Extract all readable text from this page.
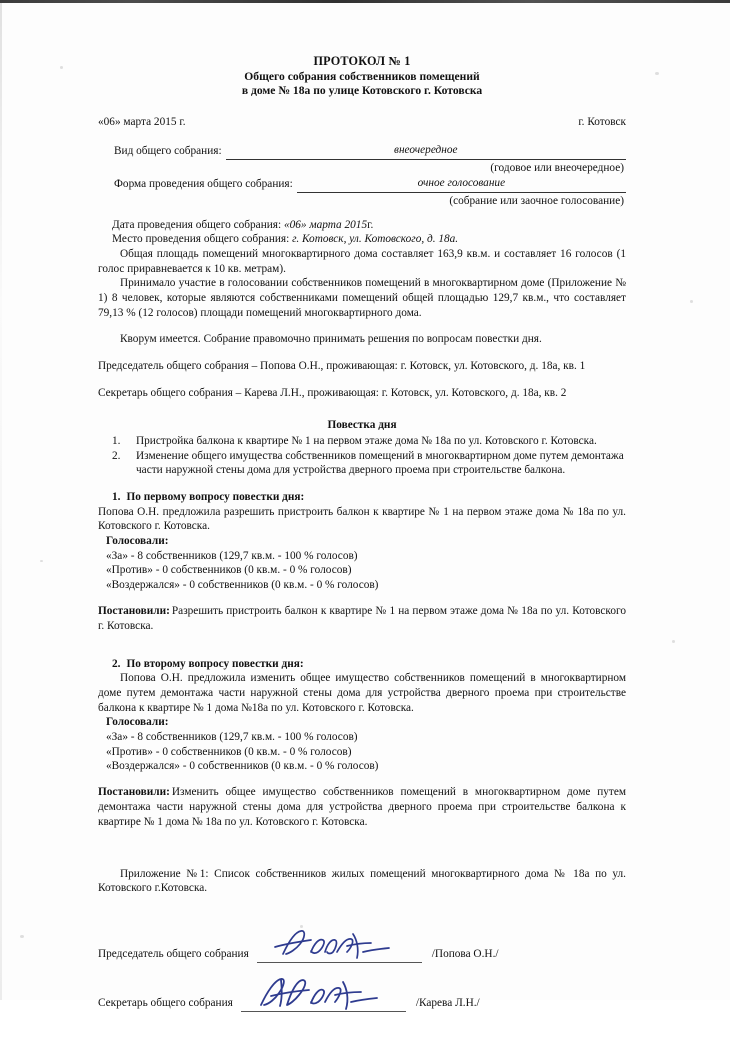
ПРОТОКОЛ № 1
Общего собрания собственников помещений
в доме № 18а по улице Котовского г. Котовска
«06» марта 2015 г.	г. Котовск
Вид общего собрания:	внеочередное
(годовое или внеочередное)
Форма проведения общего собрания:	очное голосование
(собрание или заочное голосование)
Дата проведения общего собрания: «06» марта 2015г.
Место проведения общего собрания: г. Котовск, ул. Котовского, д. 18а.

Общая площадь помещений многоквартирного дома составляет 163,9 кв.м. и составляет 16 голосов (1 голос приравневается к 10 кв. метрам).

Принимало участие в голосовании собственников помещений в многоквартирном доме (Приложение № 1) 8 человек, которые являются собственниками помещений общей площадью 129,7 кв.м., что составляет 79,13 % (12 голосов) площади помещений многоквартирного дома.

Кворум имеется. Собрание правомочно принимать решения по вопросам повестки дня.

Председатель общего собрания – Попова О.Н., проживающая: г. Котовск, ул. Котовского, д. 18а, кв. 1

Секретарь общего собрания – Карева Л.Н., проживающая: г. Котовск, ул. Котовского, д. 18а, кв. 2

Повестка дня
1.	Пристройка балкона к квартире № 1 на первом этаже дома № 18а по ул. Котовского г. Котовска.
2.	Изменение общего имущества собственников помещений в многоквартирном доме путем демонтажа части наружной стены дома для устройства дверного проема при строительстве балкона.
1. По первому вопросу повестки дня:

Попова О.Н. предложила разрешить пристроить балкон к квартире № 1 на первом этаже дома № 18а по ул. Котовского г. Котовска.

Голосовали:
«За» - 8 собственников (129,7 кв.м. - 100 % голосов)
«Против» - 0 собственников (0 кв.м. - 0 % голосов)
«Воздержался» - 0 собственников (0 кв.м. - 0 % голосов)

Постановили: Разрешить пристроить балкон к квартире № 1 на первом этаже дома № 18а по ул. Котовского г. Котовска.

2. По второму вопросу повестки дня:

Попова О.Н. предложила изменить общее имущество собственников помещений в многоквартирном доме путем демонтажа части наружной стены дома для устройства дверного проема при строительстве балкона к квартире № 1 дома №18а по ул. Котовского г. Котовска.

Голосовали:
«За» - 8 собственников (129,7 кв.м. - 100 % голосов)
«Против» - 0 собственников (0 кв.м. - 0 % голосов)
«Воздержался» - 0 собственников (0 кв.м. - 0 % голосов)

Постановили: Изменить общее имущество собственников помещений в многоквартирном доме путем демонтажа части наружной стены дома для устройства дверного проема при строительстве балкона к квартире № 1 дома № 18а по ул. Котовского г. Котовска.

Приложение №1: Список собственников жилых помещений многоквартирного дома № 18а по ул. Котовского г.Котовска.

Председатель общего собрания	/Попова О.Н./
Секретарь общего собрания	/Карева Л.Н./
